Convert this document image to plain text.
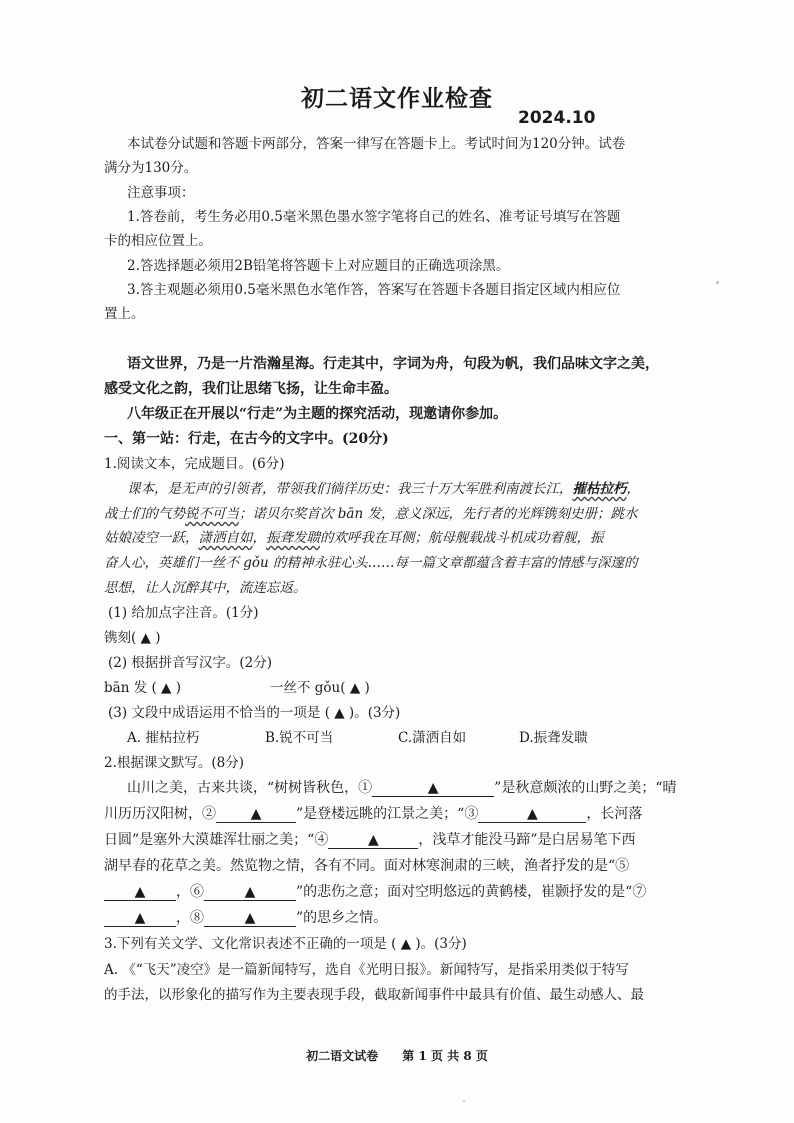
初二语文作业检查
2024.10
本试卷分试题和答题卡两部分，答案一律写在答题卡上。考试时间为120分钟。试卷
满分为130分。
注意事项：
1.答卷前，考生务必用0.5毫米黑色墨水签字笔将自己的姓名、准考证号填写在答题
卡的相应位置上。
2.答选择题必须用2B铅笔将答题卡上对应题目的正确选项涂黑。
3.答主观题必须用0.5毫米黑色水笔作答，答案写在答题卡各题目指定区域内相应位
置上。
语文世界，乃是一片浩瀚星海。行走其中，字词为舟，句段为帆，我们品味文字之美，
感受文化之韵，我们让思绪飞扬，让生命丰盈。
八年级正在开展以“行走”为主题的探究活动，现邀请你参加。
一、第一站：行走，在古今的文字中。(20分)
1.阅读文本，完成题目。(6分)
课本，是无声的引领者，带领我们徜徉历史：我三十万大军胜利南渡长江，摧枯拉朽，
战士们的气势锐不可当；诺贝尔奖首次 bān 发，意义深远，先行者的光辉镌刻史册；跳水
姑娘凌空一跃，潇洒自如，振聋发聩的欢呼我在耳侧；航母舰载战斗机成功着舰，振
奋人心，英雄们一丝不 gǒu 的精神永驻心头……每一篇文章都蕴含着丰富的情感与深邃的
思想，让人沉醉其中，流连忘返。
(1) 给加点字注音。(1分)
镌刻( ▲ )
(2) 根据拼音写汉字。(2分)
bān 发 ( ▲ )	一丝不 gǒu( ▲ )
(3) 文段中成语运用不恰当的一项是 ( ▲ )。(3分)
A. 摧枯拉朽	B.锐不可当	C.潇洒自如	D.振聋发聩
2.根据课文默写。(8分)
山川之美，古来共谈，“树树皆秋色，①	▲	”是秋意颇浓的山野之美；“晴
川历历汉阳树，② ▲ ”是登楼远眺的江景之美；“③	▲	，长河落
日圆”是塞外大漠雄浑壮丽之美；“④	▲	，浅草才能没马蹄”是白居易笔下西
湖早春的花草之美。然览物之情，各有不同。面对林寒涧肃的三峡，渔者抒发的是“⑤
▲ ，⑥	▲	”的悲伤之意；面对空明悠远的黄鹤楼，崔颢抒发的是“⑦
▲ ，⑧	▲	”的思乡之情。
3.下列有关文学、文化常识表述不正确的一项是 ( ▲ )。(3分)
A. 《“飞天”凌空》是一篇新闻特写，选自《光明日报》。新闻特写，是指采用类似于特写
的手法，以形象化的描写作为主要表现手段，截取新闻事件中最具有价值、最生动感人、最
初二语文试卷 第 1 页 共 8 页
